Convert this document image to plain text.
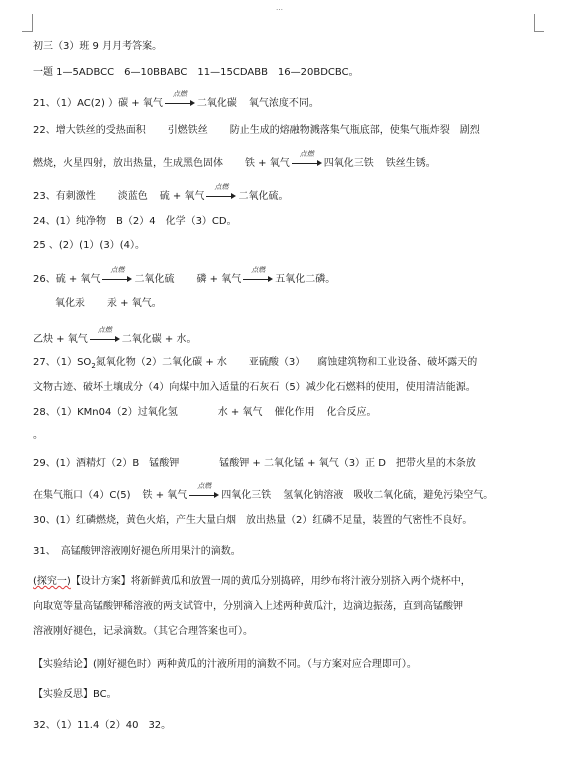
…
初三（3）班 9 月月考答案。
一题 1—5ADBCC　6—10BBABC　11—15CDABB　16—20BDCBC。
21、（1）AC(2) ）碳 + 氧气
点燃
二氧化碳 氧气浓度不同。
22、增大铁丝的受热面积 引燃铁丝 防止生成的熔融物溅落集气瓶底部，使集气瓶炸裂　剧烈
燃烧，火星四射，放出热量，生成黑色固体 铁 + 氧气
点燃
四氧化三铁 铁丝生锈。
23、有刺激性 淡蓝色 硫 + 氧气
点燃
二氧化硫。
24、(1）纯净物　B（2）4　化学（3）CD。
25 、(2）(1）(3）(4）。
26、硫 + 氧气
点燃
二氧化硫 磷 + 氧气
点燃
五氧化二磷。
氧化汞 汞 + 氧气。
乙炔 + 氧气
点燃
二氧化碳 + 水。
27、$(1)SO_2$氮氧化物（2）二氧化碳 + 水 亚硫酸（3） 腐蚀建筑物和工业设备、破坏露天的
文物古迹、破坏土壤成分（4）向煤中加入适量的石灰石（5）减少化石燃料的使用，使用清洁能源。
28、（1）KMn04（2）过氧化氢	水 + 氧气 催化作用 化合反应。
。
29、(1）酒精灯（2）B　锰酸钾	锰酸钾 + 二氧化锰 + 氧气（3）正 D　把带火星的木条放
在集气瓶口（4）C(5) 铁 + 氧气
点燃
四氧化三铁 氢氧化钠溶液　吸收二氧化硫，避免污染空气。
30、(1）红磷燃烧，黄色火焰，产生大量白烟　放出热量（2）红磷不足量，装置的气密性不良好。
31、　高锰酸钾溶液刚好褪色所用果汁的滴数。
(探究一)【设计方案】将新鲜黄瓜和放置一周的黄瓜分别捣碎，用纱布将汁液分别挤入两个烧杯中，
向取宽等量高锰酸钾稀溶液的两支试管中，分别滴入上述两种黄瓜汁，边滴边振荡，直到高锰酸钾
溶液刚好褪色，记录滴数。（其它合理答案也可）。
【实验结论】(刚好褪色时）两种黄瓜的汁液所用的滴数不同。（与方案对应合理即可）。
【实验反思】BC。
32、（1）11.4（2）40　32。
